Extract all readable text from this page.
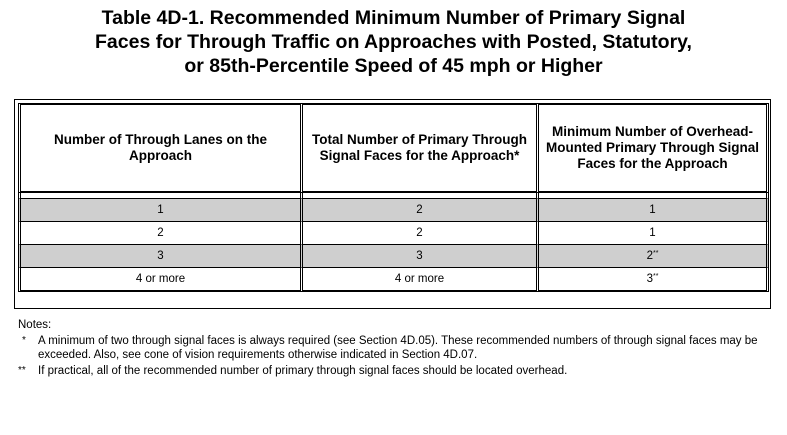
Table 4D-1. Recommended Minimum Number of Primary Signal
Faces for Through Traffic on Approaches with Posted, Statutory,
or 85th-Percentile Speed of 45 mph or Higher
Number of Through Lanes on the Approach	Total Number of Primary Through Signal Faces for the Approach*	Minimum Number of Overhead-Mounted Primary Through Signal Faces for the Approach

1	2	1
2	2	1
3	3	2**
4 or more	4 or more	3**
Notes:
* A minimum of two through signal faces is always required (see Section 4D.05). These recommended numbers of through signal faces may be exceeded. Also, see cone of vision requirements otherwise indicated in Section 4D.07.
** If practical, all of the recommended number of primary through signal faces should be located overhead.
